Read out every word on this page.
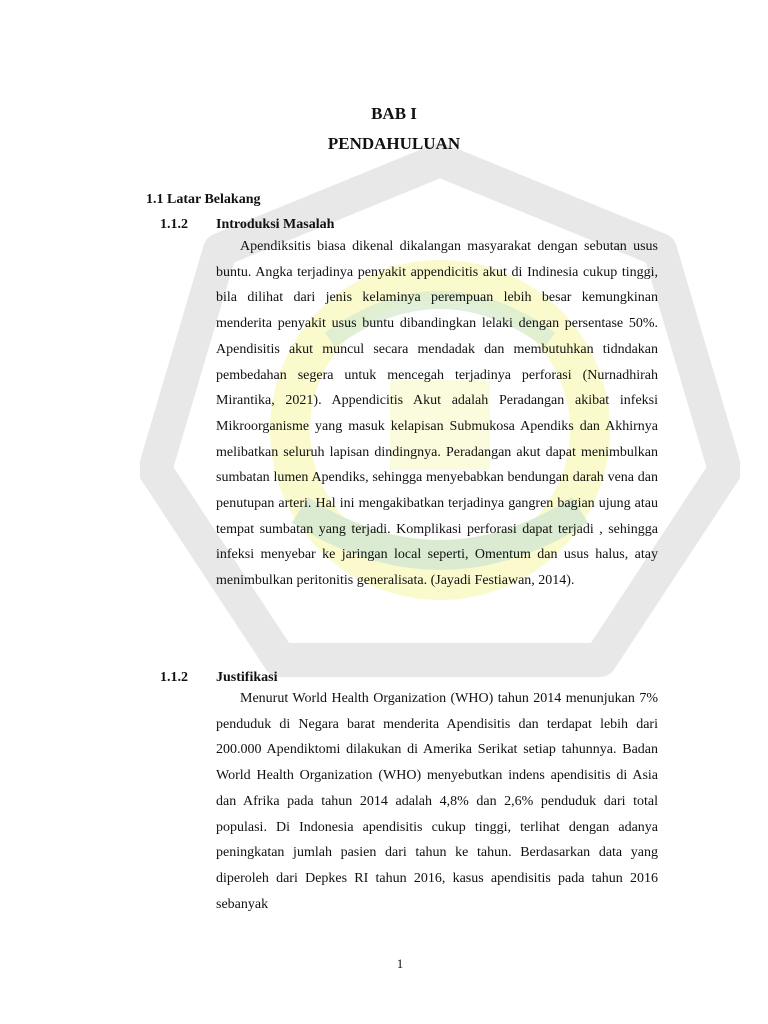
BAB I
PENDAHULUAN
1.1 Latar Belakang
1.1.2 Introduksi Masalah

Apendiksitis biasa dikenal dikalangan masyarakat dengan sebutan usus buntu. Angka terjadinya penyakit appendicitis akut di Indinesia cukup tinggi, bila dilihat dari jenis kelaminya perempuan lebih besar kemungkinan menderita penyakit usus buntu dibandingkan lelaki dengan persentase 50%. Apendisitis akut muncul secara mendadak dan membutuhkan tidndakan pembedahan segera untuk mencegah terjadinya perforasi (Nurnadhirah Mirantika, 2021). Appendicitis Akut adalah Peradangan akibat infeksi Mikroorganisme yang masuk kelapisan Submukosa Apendiks dan Akhirnya melibatkan seluruh lapisan dindingnya. Peradangan akut dapat menimbulkan sumbatan lumen Apendiks, sehingga menyebabkan bendungan darah vena dan penutupan arteri. Hal ini mengakibatkan terjadinya gangren bagian ujung atau tempat sumbatan yang terjadi. Komplikasi perforasi dapat terjadi , sehingga infeksi menyebar ke jaringan local seperti, Omentum dan usus halus, atay menimbulkan peritonitis generalisata. (Jayadi Festiawan, 2014).

1.1.2 Justifikasi

Menurut World Health Organization (WHO) tahun 2014 menunjukan 7% penduduk di Negara barat menderita Apendisitis dan terdapat lebih dari 200.000 Apendiktomi dilakukan di Amerika Serikat setiap tahunnya. Badan World Health Organization (WHO) menyebutkan indens apendisitis di Asia dan Afrika pada tahun 2014 adalah 4,8% dan 2,6% penduduk dari total populasi. Di Indonesia apendisitis cukup tinggi, terlihat dengan adanya peningkatan jumlah pasien dari tahun ke tahun. Berdasarkan data yang diperoleh dari Depkes RI tahun 2016, kasus apendisitis pada tahun 2016 sebanyak

1
